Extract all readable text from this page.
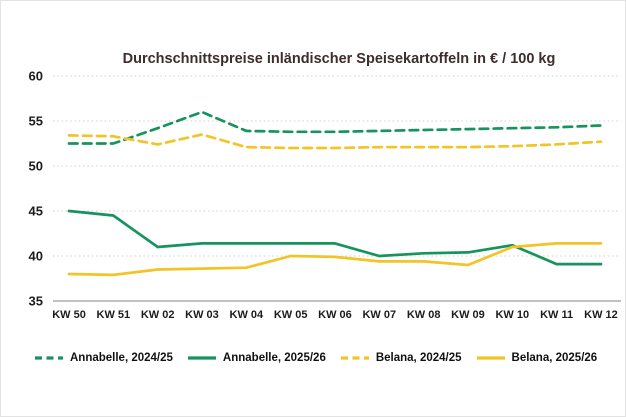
Durchschnittspreise inländischer Speisekartoffeln in € / 100 kg
60
55
50
45
40
35
KW 50 KW 51 KW 02 KW 03 KW 04 KW 05 KW 06 KW 07 KW 08 KW 09 KW 10 KW 11 KW 12
Annabelle, 2024/25	Annabelle, 2025/26	Belana, 2024/25	Belana, 2025/26
